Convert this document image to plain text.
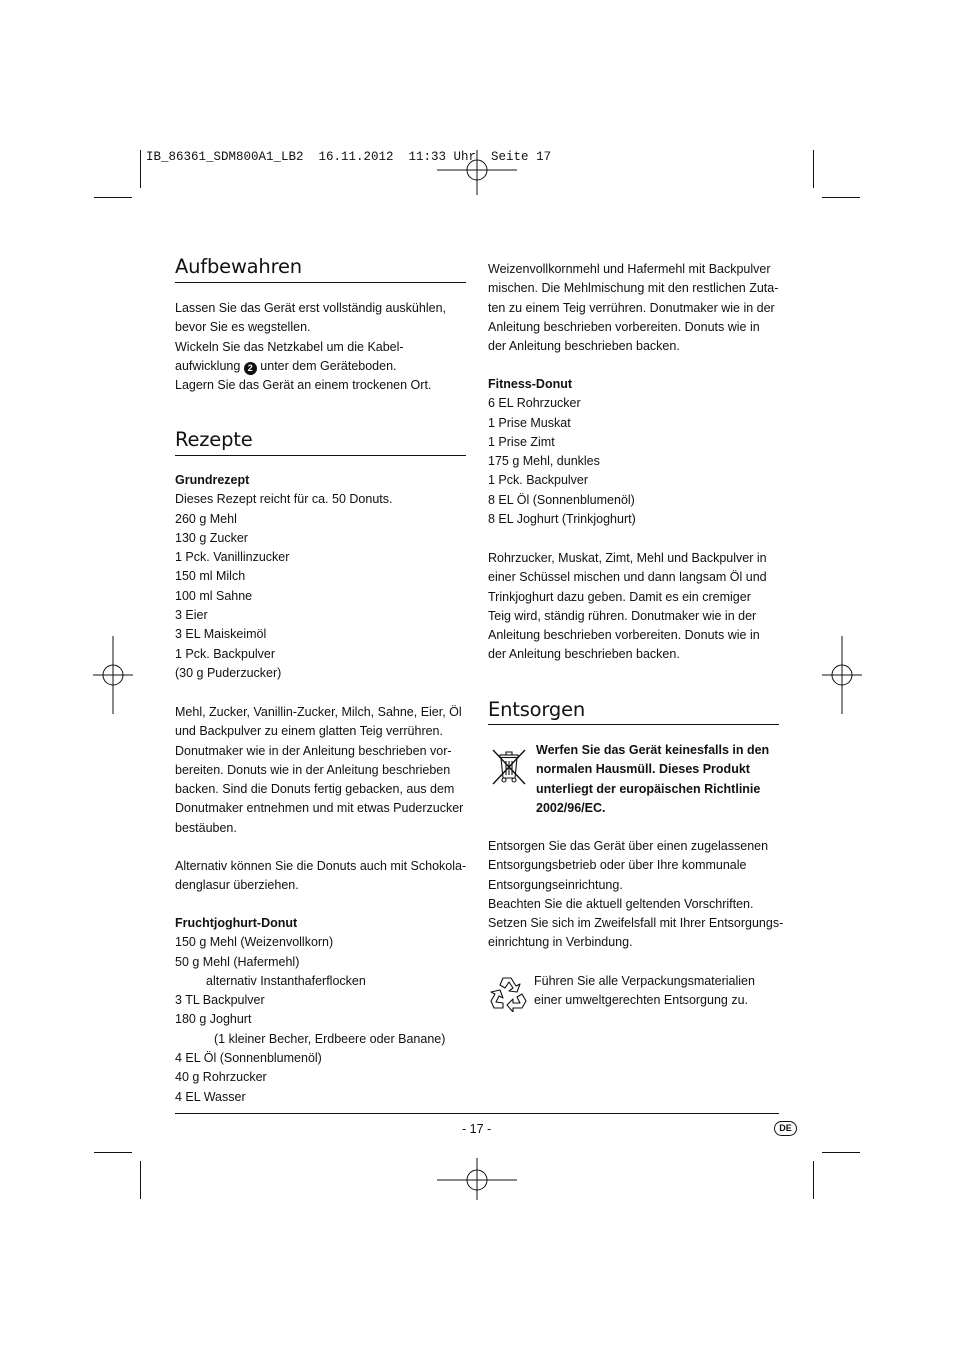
IB_86361_SDM800A1_LB2  16.11.2012  11:33 Uhr  Seite 17
Aufbewahren
Lassen Sie das Gerät erst vollständig auskühlen,
bevor Sie es wegstellen.
Wickeln Sie das Netzkabel um die Kabel-
aufwicklung 2 unter dem Geräteboden.
Lagern Sie das Gerät an einem trockenen Ort.
Rezepte
Grundrezept
Dieses Rezept reicht für ca. 50 Donuts.
260 g Mehl
130 g Zucker
1 Pck. Vanillinzucker
150 ml Milch
100 ml Sahne
3 Eier
3 EL Maiskeimöl
1 Pck. Backpulver
(30 g Puderzucker)
Mehl, Zucker, Vanillin-Zucker, Milch, Sahne, Eier, Öl
und Backpulver zu einem glatten Teig verrühren.
Donutmaker wie in der Anleitung beschrieben vor-
bereiten. Donuts wie in der Anleitung beschrieben
backen. Sind die Donuts fertig gebacken, aus dem
Donutmaker entnehmen und mit etwas Puderzucker
bestäuben.
Alternativ können Sie die Donuts auch mit Schokola-
denglasur überziehen.
Fruchtjoghurt-Donut
150 g Mehl (Weizenvollkorn)
50 g Mehl (Hafermehl)
alternativ Instanthaferflocken
3 TL Backpulver
180 g Joghurt
(1 kleiner Becher, Erdbeere oder Banane)
4 EL Öl (Sonnenblumenöl)
40 g Rohrzucker
4 EL Wasser
Weizenvollkornmehl und Hafermehl mit Backpulver
mischen. Die Mehlmischung mit den restlichen Zuta-
ten zu einem Teig verrühren. Donutmaker wie in der
Anleitung beschrieben vorbereiten. Donuts wie in
der Anleitung beschrieben backen.
Fitness-Donut
6 EL Rohrzucker
1 Prise Muskat
1 Prise Zimt
175 g Mehl, dunkles
1 Pck. Backpulver
8 EL Öl (Sonnenblumenöl)
8 EL Joghurt (Trinkjoghurt)
Rohrzucker, Muskat, Zimt, Mehl und Backpulver in
einer Schüssel mischen und dann langsam Öl und
Trinkjoghurt dazu geben. Damit es ein cremiger
Teig wird, ständig rühren. Donutmaker wie in der
Anleitung beschrieben vorbereiten. Donuts wie in
der Anleitung beschrieben backen.
Entsorgen
Werfen Sie das Gerät keinesfalls in den
normalen Hausmüll. Dieses Produkt
unterliegt der europäischen Richtlinie
2002/96/EC.
Entsorgen Sie das Gerät über einen zugelassenen
Entsorgungsbetrieb oder über Ihre kommunale
Entsorgungseinrichtung.
Beachten Sie die aktuell geltenden Vorschriften.
Setzen Sie sich im Zweifelsfall mit Ihrer Entsorgungs-
einrichtung in Verbindung.
Führen Sie alle Verpackungsmaterialien
einer umweltgerechten Entsorgung zu.
- 17 -	DE
